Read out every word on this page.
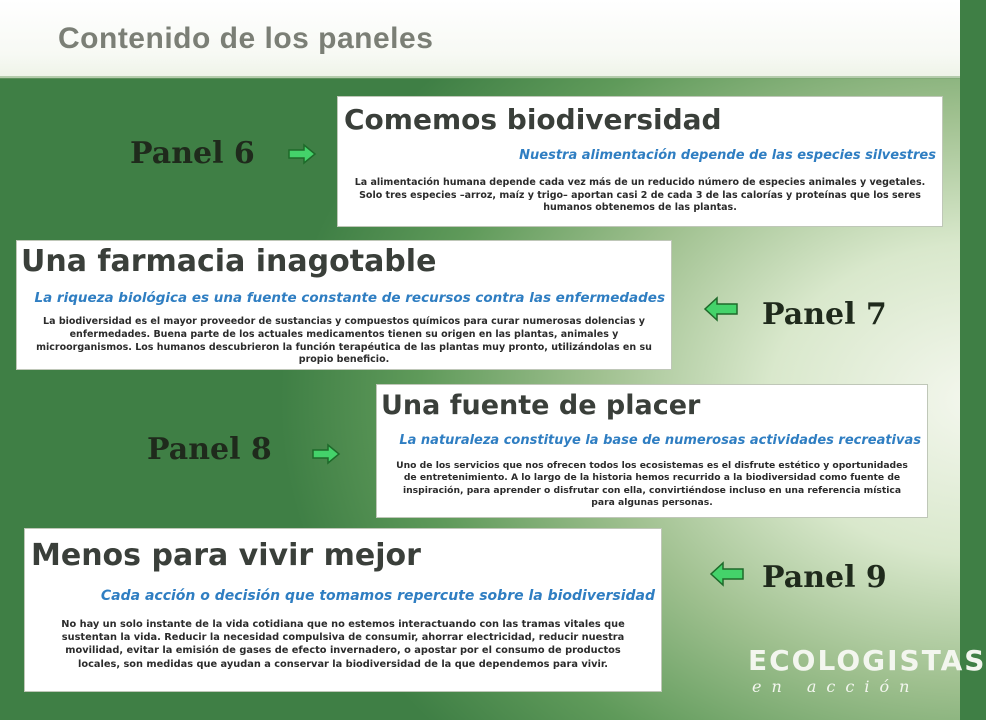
Contenido de los paneles
Panel 6
Comemos biodiversidad
Nuestra alimentación depende de las especies silvestres
La alimentación humana depende cada vez más de un reducido número de especies animales y vegetales. Solo tres especies –arroz, maíz y trigo– aportan casi 2 de cada 3 de las calorías y proteínas que los seres humanos obtenemos de las plantas.
Una farmacia inagotable
La riqueza biológica es una fuente constante de recursos contra las enfermedades
La biodiversidad es el mayor proveedor de sustancias y compuestos químicos para curar numerosas dolencias y enfermedades. Buena parte de los actuales medicamentos tienen su origen en las plantas, animales y microorganismos. Los humanos descubrieron la función terapéutica de las plantas muy pronto, utilizándolas en su propio beneficio.
Panel 7
Panel 8
Una fuente de placer
La naturaleza constituye la base de numerosas actividades recreativas
Uno de los servicios que nos ofrecen todos los ecosistemas es el disfrute estético y oportunidades de entretenimiento. A lo largo de la historia hemos recurrido a la biodiversidad como fuente de inspiración, para aprender o disfrutar con ella, convirtiéndose incluso en una referencia mística para algunas personas.
Menos para vivir mejor
Cada acción o decisión que tomamos repercute sobre la biodiversidad
No hay un solo instante de la vida cotidiana que no estemos interactuando con las tramas vitales que sustentan la vida. Reducir la necesidad compulsiva de consumir, ahorrar electricidad, reducir nuestra movilidad, evitar la emisión de gases de efecto invernadero, o apostar por el consumo de productos locales, son medidas que ayudan a conservar la biodiversidad de la que dependemos para vivir.
Panel 9
ECOLOGISTAS
en acción
